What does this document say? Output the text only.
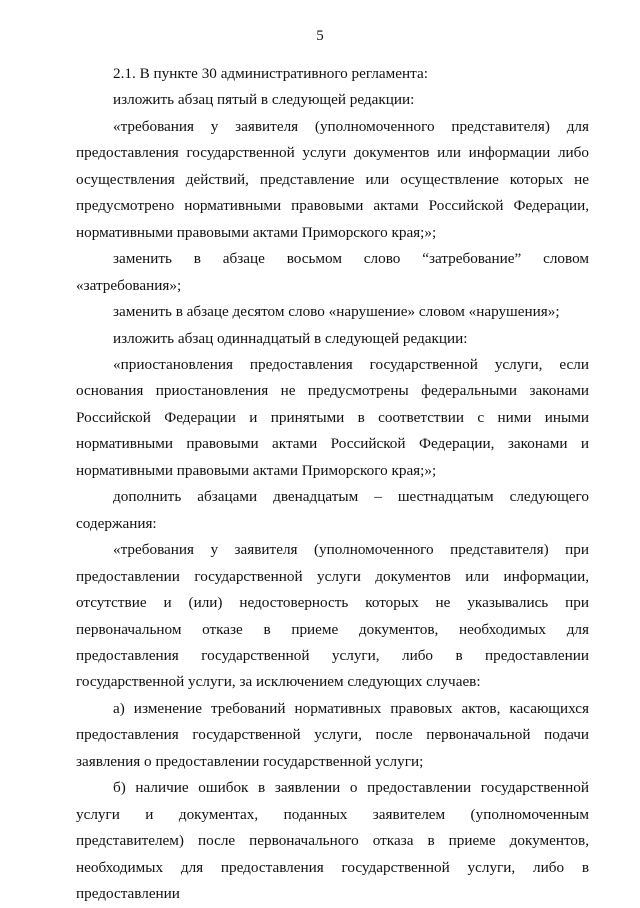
5

2.1. В пункте 30 административного регламента:

изложить абзац пятый в следующей редакции:

«требования у заявителя (уполномоченного представителя) для предоставления государственной услуги документов или информации либо осуществления действий, представление или осуществление которых не предусмотрено нормативными правовыми актами Российской Федерации, нормативными правовыми актами Приморского края;»;

заменить в абзаце восьмом слово “затребование” словом «затребования»;

заменить в абзаце десятом слово «нарушение» словом «нарушения»;

изложить абзац одиннадцатый в следующей редакции:

«приостановления предоставления государственной услуги, если основания приостановления не предусмотрены федеральными законами Российской Федерации и принятыми в соответствии с ними иными нормативными правовыми актами Российской Федерации, законами и нормативными правовыми актами Приморского края;»;

дополнить абзацами двенадцатым – шестнадцатым следующего содержания:

«требования у заявителя (уполномоченного представителя) при предоставлении государственной услуги документов или информации, отсутствие и (или) недостоверность которых не указывались при первоначальном отказе в приеме документов, необходимых для предоставления государственной услуги, либо в предоставлении государственной услуги, за исключением следующих случаев:

а) изменение требований нормативных правовых актов, касающихся предоставления государственной услуги, после первоначальной подачи заявления о предоставлении государственной услуги;

б) наличие ошибок в заявлении о предоставлении государственной услуги и документах, поданных заявителем (уполномоченным представителем) после первоначального отказа в приеме документов, необходимых для предоставления государственной услуги, либо в предоставлении
